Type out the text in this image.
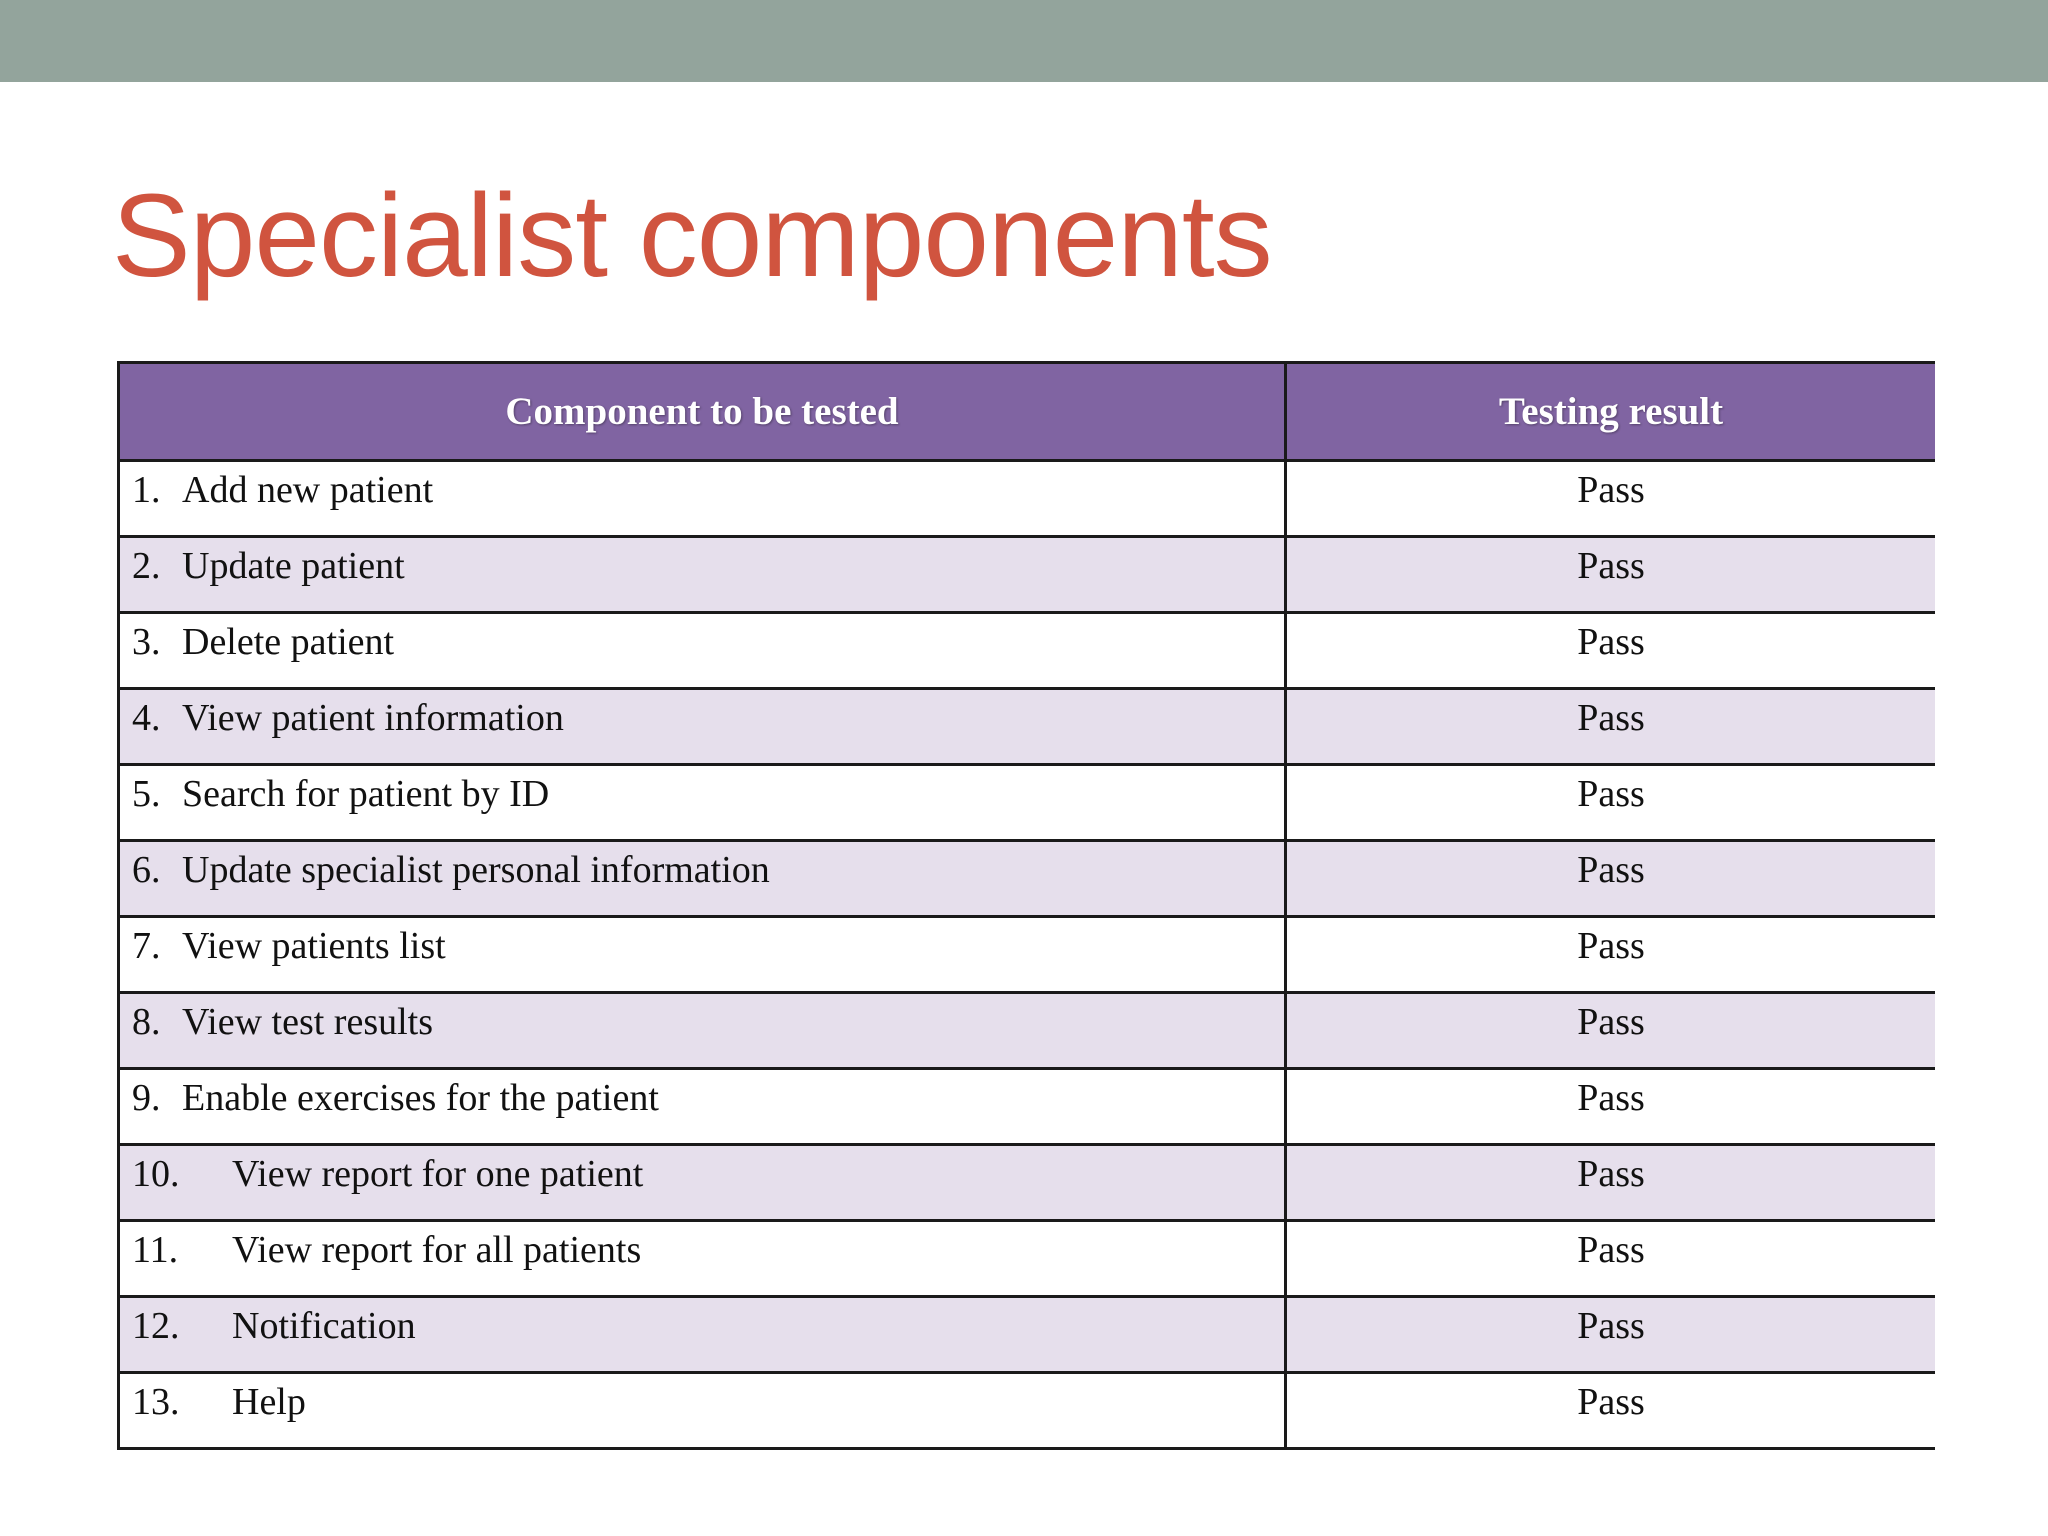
Specialist components
Component to be tested	Testing result
1. Add new patient	Pass
2. Update patient	Pass
3. Delete patient	Pass
4. View patient information	Pass
5. Search for patient by ID	Pass
6. Update specialist personal information	Pass
7. View patients list	Pass
8. View test results	Pass
9. Enable exercises for the patient	Pass
10. View report for one patient	Pass
11. View report for all patients	Pass
12. Notification	Pass
13. Help	Pass
